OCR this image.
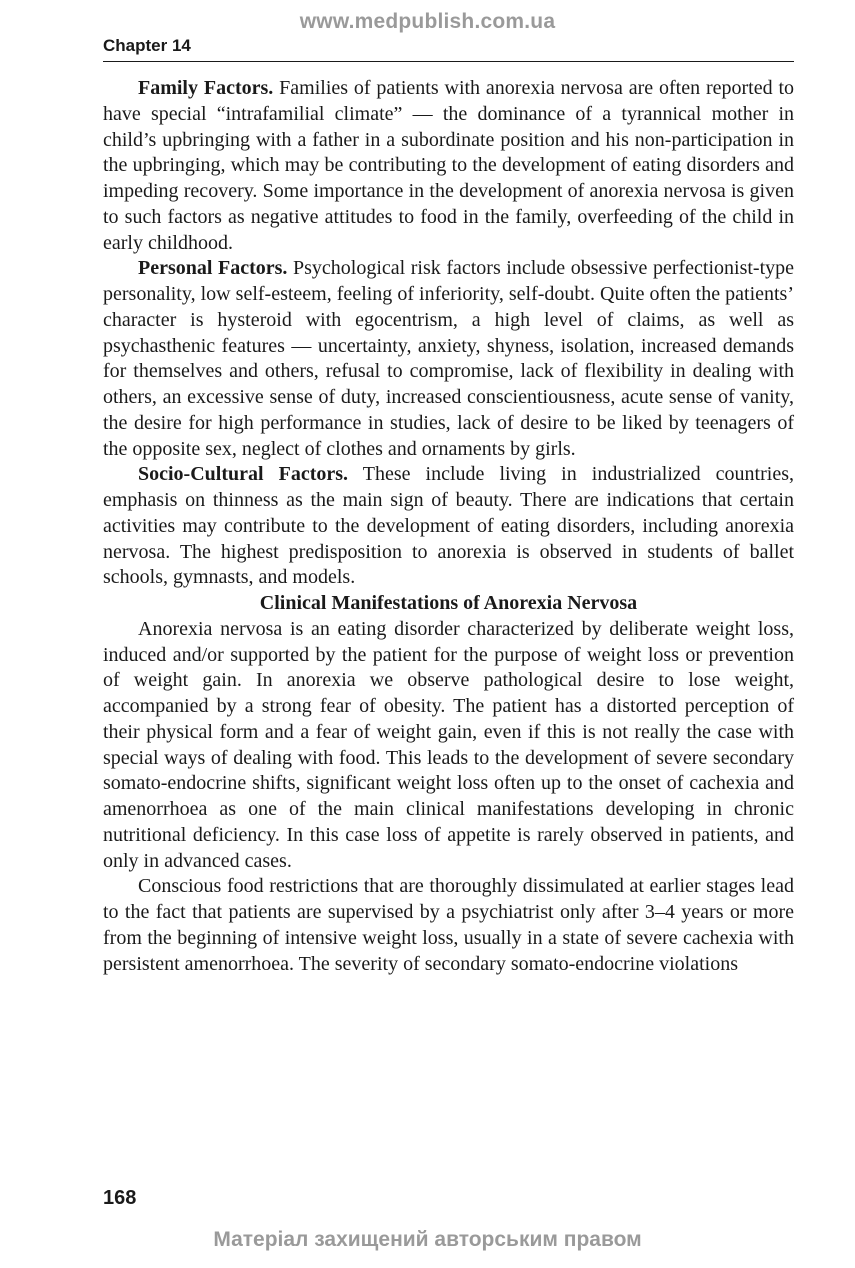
www.medpublish.com.ua
Chapter 14

Family Factors. Families of patients with anorexia nervosa are often reported to have special “intrafamilial climate” — the dominance of a tyrannical mother in child’s upbringing with a father in a subordinate position and his non-participation in the upbringing, which may be contributing to the development of eating disorders and impeding recovery. Some importance in the development of anorexia nervosa is given to such factors as negative attitudes to food in the family, overfeeding of the child in early childhood.

Personal Factors. Psychological risk factors include obsessive perfectionist-type personality, low self-esteem, feeling of inferiority, self-doubt. Quite often the patients’ character is hysteroid with egocentrism, a high level of claims, as well as psychasthenic features — uncertainty, anxiety, shyness, isolation, increased demands for themselves and others, refusal to compromise, lack of flexibility in dealing with others, an excessive sense of duty, increased conscientiousness, acute sense of vanity, the desire for high performance in studies, lack of desire to be liked by teenagers of the opposite sex, neglect of clothes and ornaments by girls.

Socio-Cultural Factors. These include living in industrialized countries, emphasis on thinness as the main sign of beauty. There are indications that certain activities may contribute to the development of eating disorders, including anorexia nervosa. The highest predisposition to anorexia is observed in students of ballet schools, gymnasts, and models.

Clinical Manifestations of Anorexia Nervosa

Anorexia nervosa is an eating disorder characterized by deliberate weight loss, induced and/or supported by the patient for the purpose of weight loss or prevention of weight gain. In anorexia we observe pathological desire to lose weight, accompanied by a strong fear of obesity. The patient has a distorted perception of their physical form and a fear of weight gain, even if this is not really the case with special ways of dealing with food. This leads to the development of severe secondary somato-endocrine shifts, significant weight loss often up to the onset of cachexia and amenorrhoea as one of the main clinical manifestations developing in chronic nutritional deficiency. In this case loss of appetite is rarely observed in patients, and only in advanced cases.

Conscious food restrictions that are thoroughly dissimulated at earlier stages lead to the fact that patients are supervised by a psychiatrist only after 3–4 years or more from the beginning of intensive weight loss, usually in a state of severe cachexia with persistent amenorrhoea. The severity of secondary somato-endocrine violations

168
Матеріал захищений авторським правом
